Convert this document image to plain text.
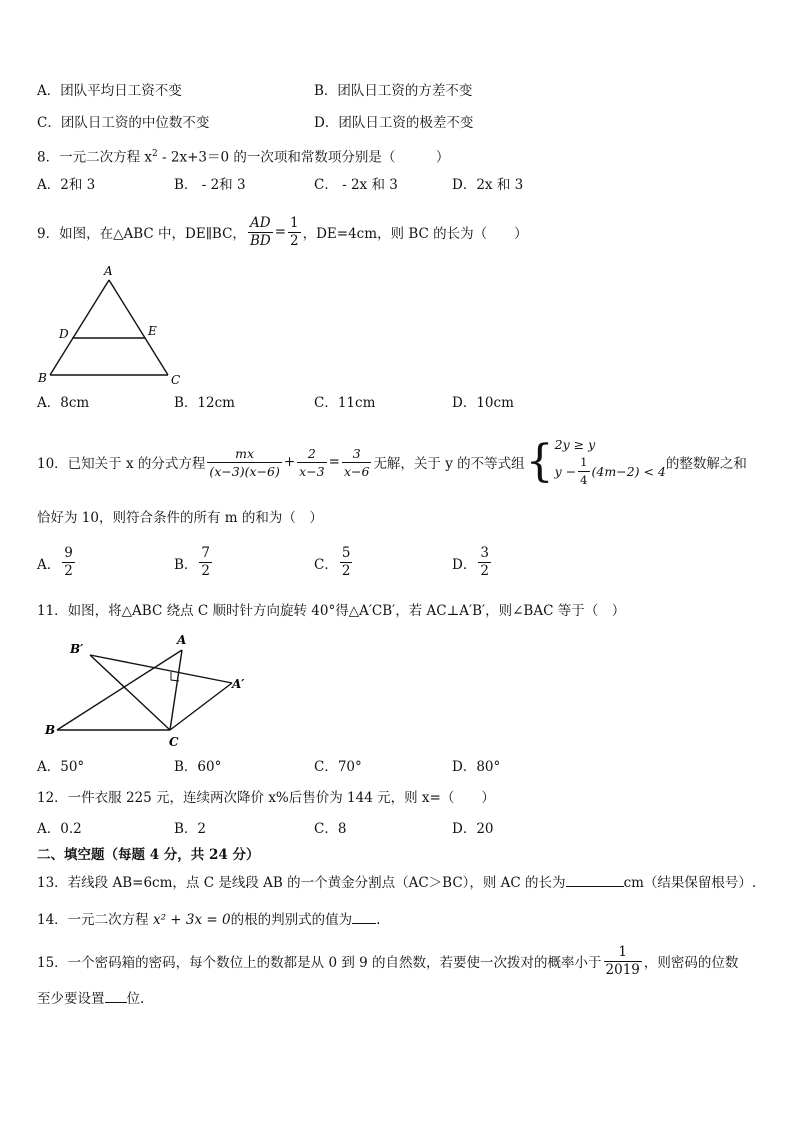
A．团队平均日工资不变	B．团队日工资的方差不变
C．团队日工资的中位数不变	D．团队日工资的极差不变
8．一元二次方程 $x^2 - 2x+3=0$ 的一次项和常数项分别是（　　　）
A．2和 3	B． - 2和 3	C． - 2x 和 3	D．2x 和 3
9．如图，在△ABC 中，DE∥BC， $\frac{AD}{BD} = \frac{1}{2}$ ，DE=4cm，则 BC 的长为（　　）
A
D	E
B	C
A．8cm	B．12cm	C．11cm	D．10cm
10．已知关于 x 的分式方程 $\frac{mx}{(x-3)(x-6)} + \frac{2}{x-3} = \frac{3}{x-6}$ 无解，关于 y 的不等式组 { 2y ≥ y
$y - \frac{1}{4} (4m-2) < 4$ 的整数解之和
恰好为 10，则符合条件的所有 m 的和为（　）
A． $\frac{9}{2}$	B． $\frac{7}{2}$	C． $\frac{5}{2}$	D． $\frac{3}{2}$
11．如图，将△ABC 绕点 C 顺时针方向旋转 40°得△A′CB′，若 AC⊥A′B′，则∠BAC 等于（　）
B′
A
A′
B
C
A．50°	B．60°	C．70°	D．80°
12．一件衣服 225 元，连续两次降价 x%后售价为 144 元，则 x=（　　）
A．0.2	B．2	C．8	D．20
二、填空题（每题 4 分，共 24 分）
13．若线段 AB=6cm，点 C 是线段 AB 的一个黄金分割点（AC＞BC），则 AC 的长为	cm（结果保留根号）.
14．一元二次方程 x² + 3x = 0的根的判别式的值为 .
15．一个密码箱的密码，每个数位上的数都是从 0 到 9 的自然数，若要使一次拨对的概率小于 $\frac{1}{2019}$ ，则密码的位数
至少要设置 位.
